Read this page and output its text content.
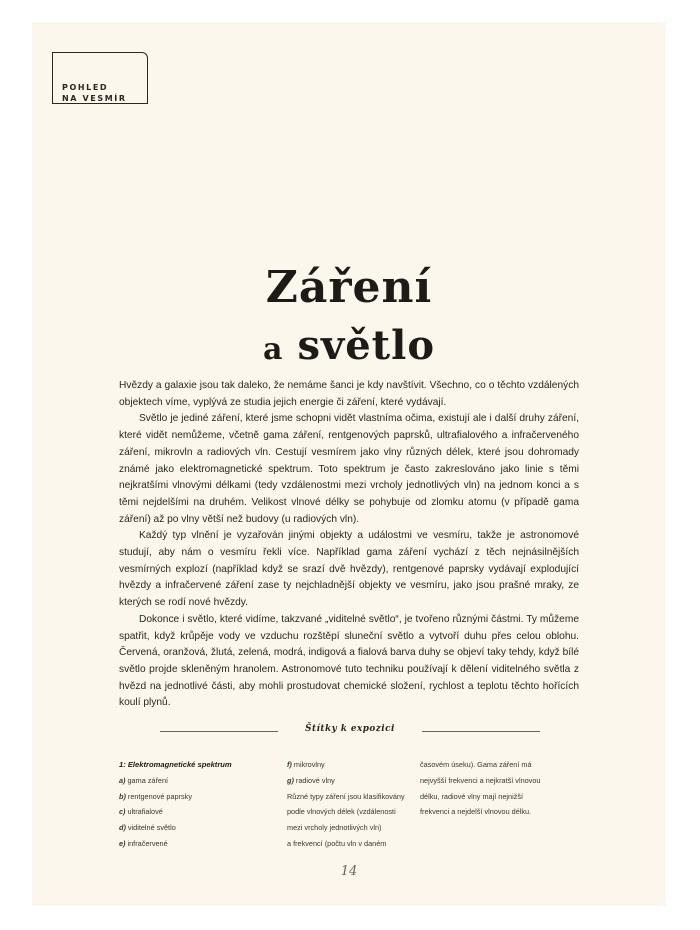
POHLED
NA VESMÍR
Záření
a světlo

Hvězdy a galaxie jsou tak daleko, že nemáme šanci je kdy navštívit. Všechno, co o těchto vzdálených objektech víme, vyplývá ze studia jejich energie či záření, které vydávají.

Světlo je jediné záření, které jsme schopni vidět vlastníma očima, existují ale i další druhy záření, které vidět nemůžeme, včetně gama záření, rentgenových paprsků, ultrafialového a infračerveného záření, mikrovln a radiových vln. Cestují vesmírem jako vlny různých délek, které jsou dohromady známé jako elektromagnetické spektrum. Toto spektrum je často zakreslováno jako linie s těmi nejkratšími vlnovými délkami (tedy vzdálenostmi mezi vrcholy jednotlivých vln) na jednom konci a s těmi nejdelšími na druhém. Velikost vlnové délky se pohybuje od zlomku atomu (v případě gama záření) až po vlny větší než budovy (u radiových vln).

Každý typ vlnění je vyzařován jinými objekty a událostmi ve vesmíru, takže je astronomové studují, aby nám o vesmíru řekli více. Například gama záření vychází z těch nejnásilnějších vesmírných explozí (například když se srazí dvě hvězdy), rentgenové paprsky vydávají explodující hvězdy a infračervené záření zase ty nejchladnější objekty ve vesmíru, jako jsou prašné mraky, ze kterých se rodí nové hvězdy.

Dokonce i světlo, které vidíme, takzvané „viditelné světlo“, je tvořeno různými částmi. Ty můžeme spatřit, když krůpěje vody ve vzduchu rozštěpí sluneční světlo a vytvoří duhu přes celou oblohu. Červená, oranžová, žlutá, zelená, modrá, indigová a fialová barva duhy se objeví taky tehdy, když bílé světlo projde skleněným hranolem. Astronomové tuto techniku používají k dělení viditelného světla z hvězd na jednotlivé části, aby mohli prostudovat chemické složení, rychlost a teplotu těchto hořících koulí plynů.

Štítky k expozici
1: Elektromagnetické spektrum
a) gama záření
b) rentgenové paprsky
c) ultrafialové
d) viditelné světlo
e) infračervené
f) mikrovlny
g) radiové vlny
Různé typy záření jsou klasifikovány
podle vlnových délek (vzdálenosti
mezi vrcholy jednotlivých vln)
a frekvencí (počtu vln v daném
časovém úseku). Gama záření má
nejvyšší frekvenci a nejkratší vlnovou
délku, radiové vlny mají nejnižší
frekvenci a nejdelší vlnovou délku.
14
